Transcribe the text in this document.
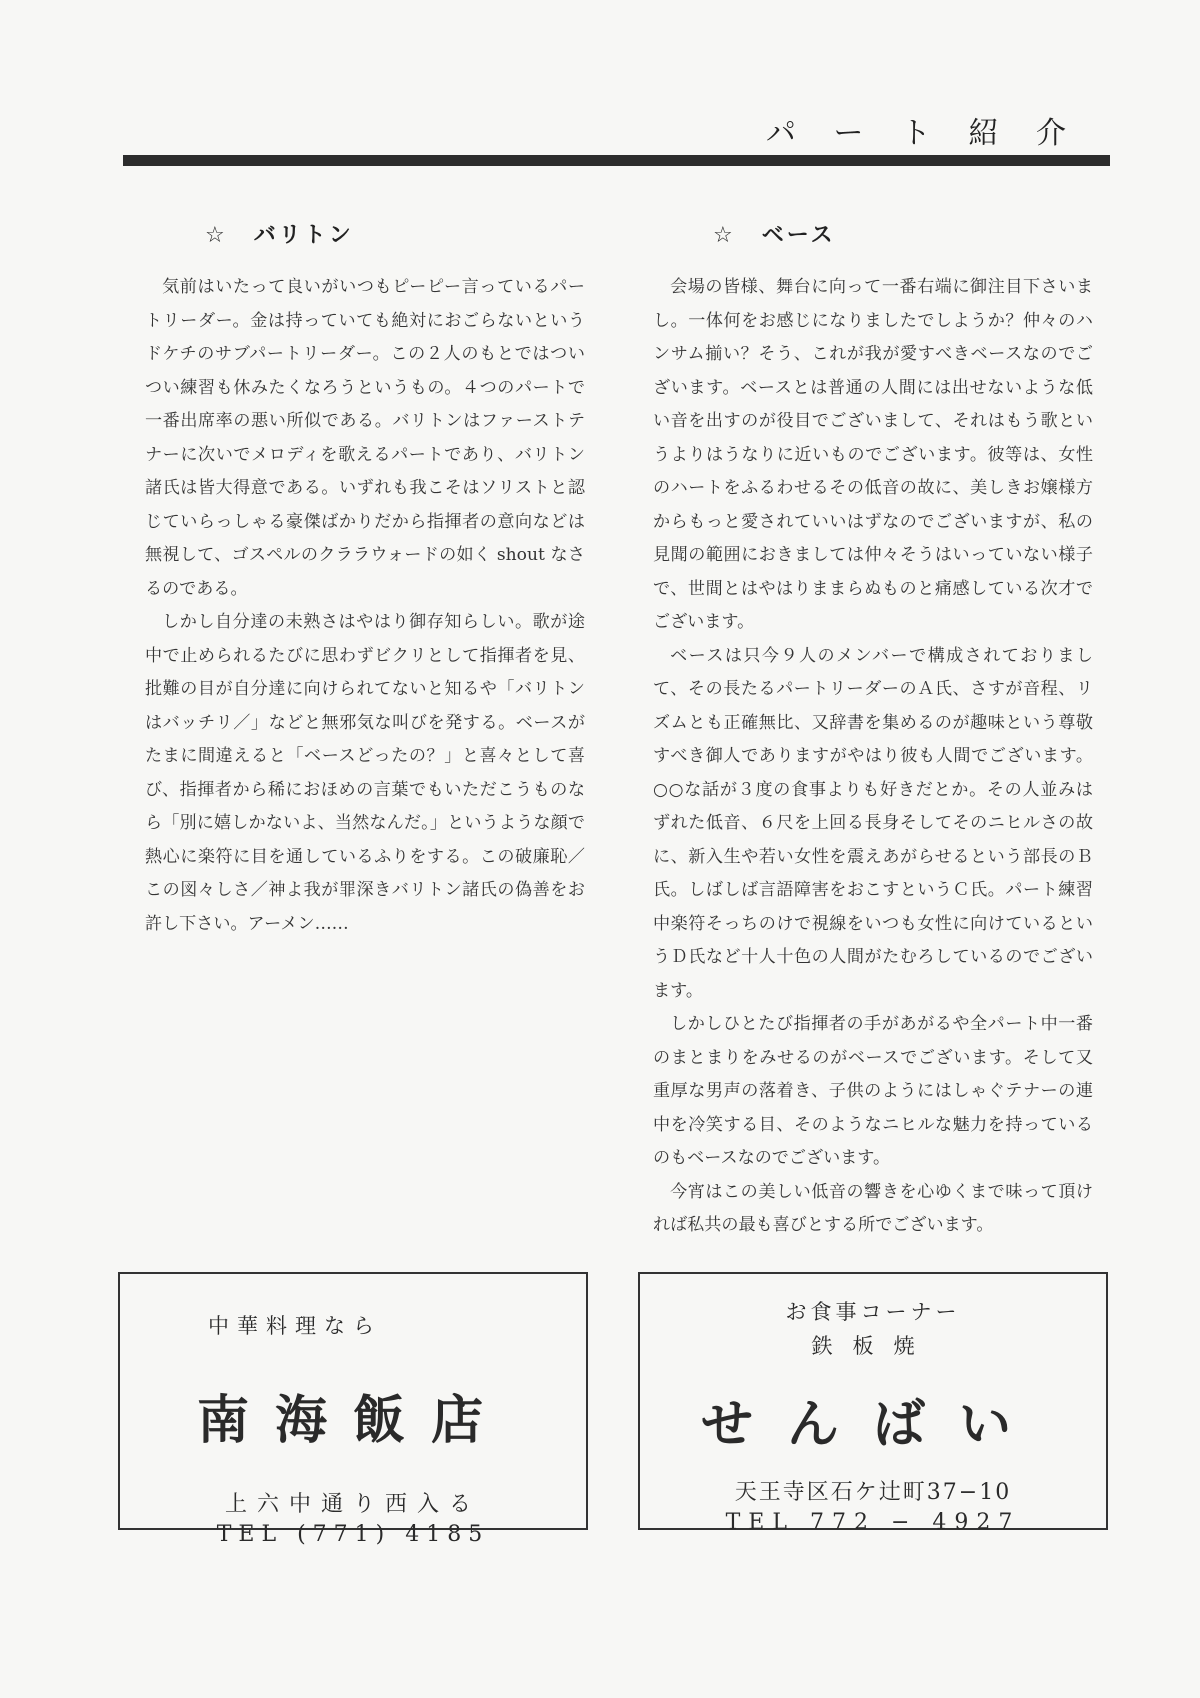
パ ー ト 紹 介
☆ バリトン

気前はいたって良いがいつもピーピー言っているパートリーダー。金は持っていても絶対におごらないというドケチのサブパートリーダー。この２人のもとではついつい練習も休みたくなろうというもの。４つのパートで一番出席率の悪い所似である。バリトンはファーストテナーに次いでメロディを歌えるパートであり、バリトン諸氏は皆大得意である。いずれも我こそはソリストと認じていらっしゃる豪傑ばかりだから指揮者の意向などは無視して、ゴスペルのクララウォードの如く shout なさるのである。

しかし自分達の未熟さはやはり御存知らしい。歌が途中で止められるたびに思わずビクリとして指揮者を見、批難の目が自分達に向けられてないと知るや「バリトンはバッチリ／」などと無邪気な叫びを発する。ベースがたまに間違えると「ベースどったの？」と喜々として喜び、指揮者から稀におほめの言葉でもいただこうものなら「別に嬉しかないよ、当然なんだ。」というような顔で熱心に楽符に目を通しているふりをする。この破廉恥／この図々しさ／神よ我が罪深きバリトン諸氏の偽善をお許し下さい。アーメン……

☆ ベース

会場の皆様、舞台に向って一番右端に御注目下さいまし。一体何をお感じになりましたでしようか？仲々のハンサム揃い？そう、これが我が愛すべきベースなのでございます。ベースとは普通の人間には出せないような低い音を出すのが役目でございまして、それはもう歌というよりはうなりに近いものでございます。彼等は、女性のハートをふるわせるその低音の故に、美しきお嬢様方からもっと愛されていいはずなのでございますが、私の見聞の範囲におきましては仲々そうはいっていない様子で、世間とはやはりままらぬものと痛感している次才でございます。

ベースは只今９人のメンバーで構成されておりまして、その長たるパートリーダーのＡ氏、さすが音程、リズムとも正確無比、又辞書を集めるのが趣味という尊敬すべき御人でありますがやはり彼も人間でございます。○○な話が３度の食事よりも好きだとか。その人並みはずれた低音、６尺を上回る長身そしてそのニヒルさの故に、新入生や若い女性を震えあがらせるという部長のＢ氏。しばしば言語障害をおこすというＣ氏。パート練習中楽符そっちのけで視線をいつも女性に向けているというＤ氏など十人十色の人間がたむろしているのでございます。

しかしひとたび指揮者の手があがるや全パート中一番のまとまりをみせるのがベースでございます。そして又重厚な男声の落着き、子供のようにはしゃぐテナーの連中を冷笑する目、そのようなニヒルな魅力を持っているのもベースなのでございます。

今宵はこの美しい低音の響きを心ゆくまで味って頂ければ私共の最も喜びとする所でございます。

中華料理なら
南海飯店
上六中通り西入る
TEL (771) 4185
お食事コーナー
鉄板焼
せんばい
天王寺区石ケ辻町37−10
TEL 772 − 4927
